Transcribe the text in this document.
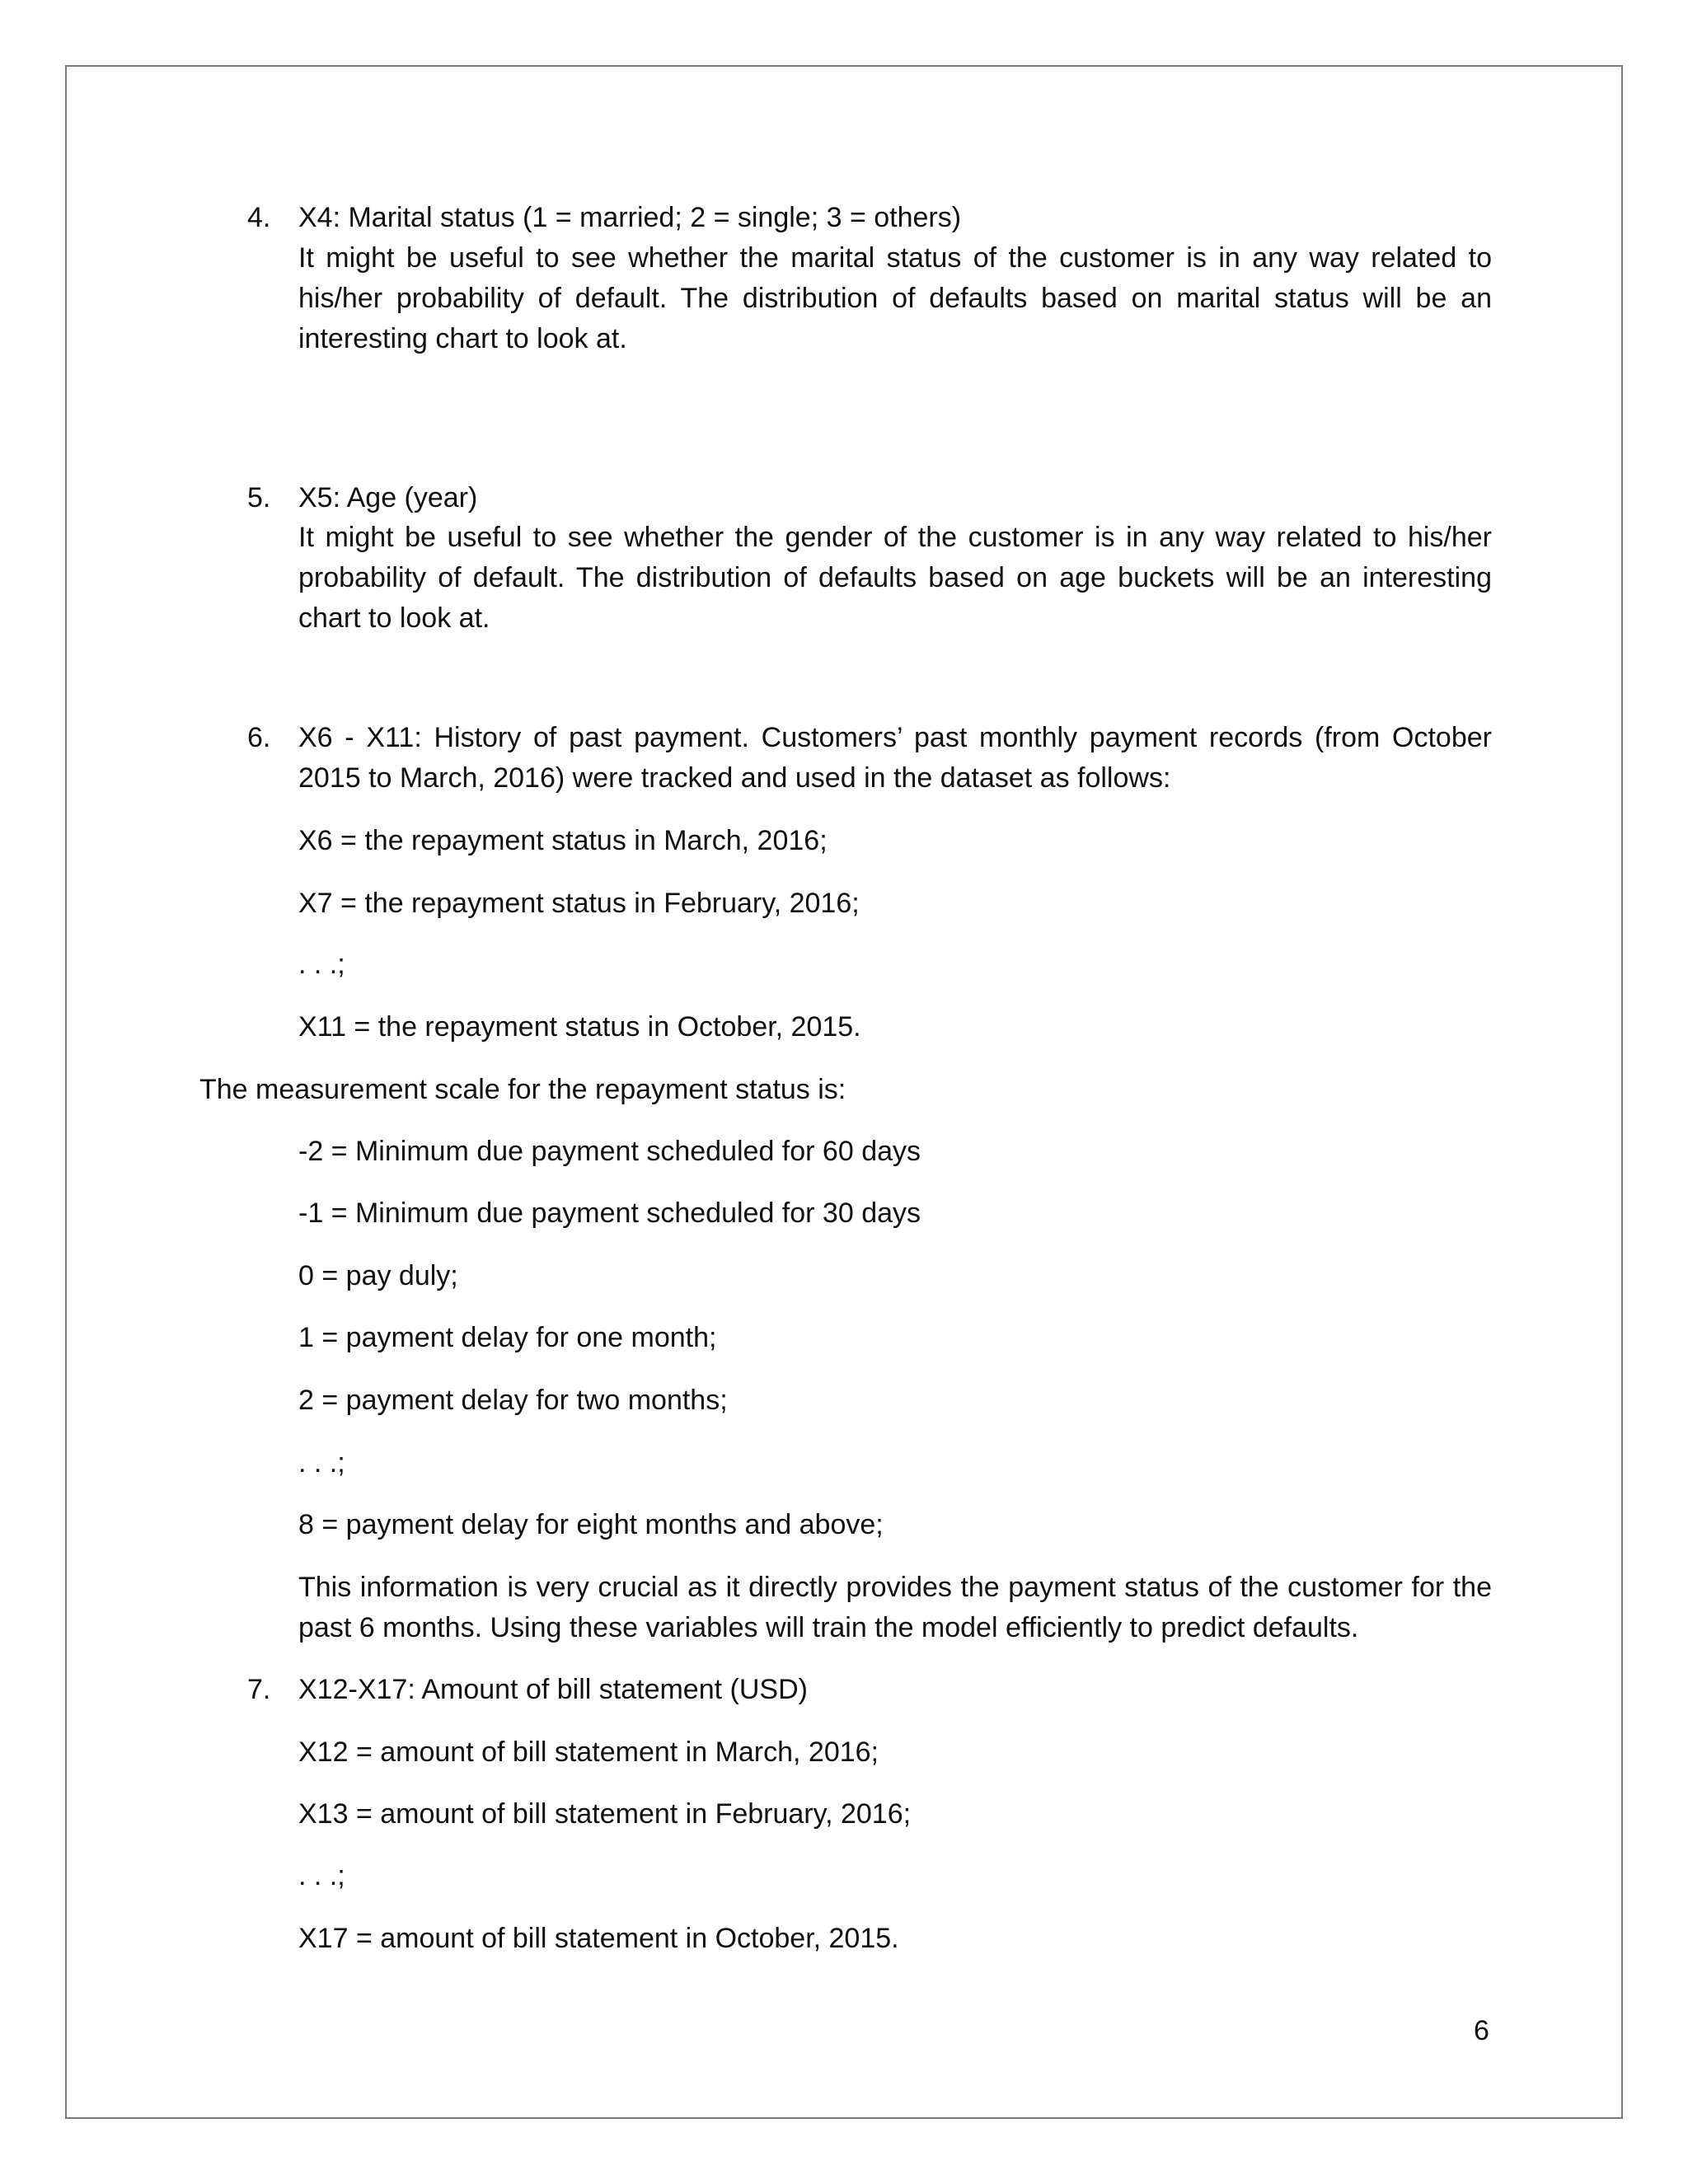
4. X4: Marital status (1 = married; 2 = single; 3 = others)
It might be useful to see whether the marital status of the customer is in any way related to his/her probability of default. The distribution of defaults based on marital status will be an interesting chart to look at.
5. X5: Age (year)
It might be useful to see whether the gender of the customer is in any way related to his/her probability of default. The distribution of defaults based on age buckets will be an interesting chart to look at.
6. X6 - X11: History of past payment. Customers’ past monthly payment records (from October 2015 to March, 2016) were tracked and used in the dataset as follows:
X6 = the repayment status in March, 2016;
X7 = the repayment status in February, 2016;
. . .;
X11 = the repayment status in October, 2015.
The measurement scale for the repayment status is:
-2 = Minimum due payment scheduled for 60 days
-1 = Minimum due payment scheduled for 30 days
0 = pay duly;
1 = payment delay for one month;
2 = payment delay for two months;
. . .;
8 = payment delay for eight months and above;
This information is very crucial as it directly provides the payment status of the customer for the past 6 months. Using these variables will train the model efficiently to predict defaults.
7. X12-X17: Amount of bill statement (USD)
X12 = amount of bill statement in March, 2016;
X13 = amount of bill statement in February, 2016;
. . .;
X17 = amount of bill statement in October, 2015.
6
